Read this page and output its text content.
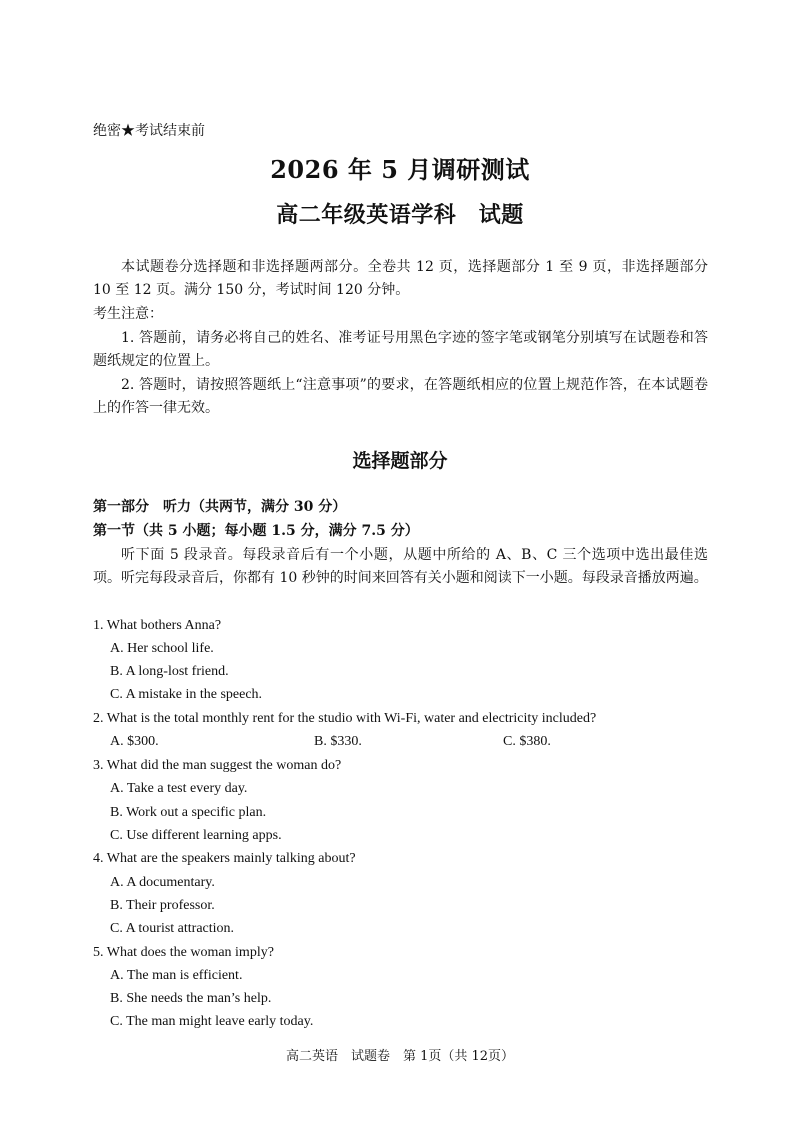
绝密★考试结束前
2026 年 5 月调研测试
高二年级英语学科　试题
本试题卷分选择题和非选择题两部分。全卷共 12 页，选择题部分 1 至 9 页，非选择题部分 10 至 12 页。满分 150 分，考试时间 120 分钟。
考生注意：
1. 答题前，请务必将自己的姓名、准考证号用黑色字迹的签字笔或钢笔分别填写在试题卷和答题纸规定的位置上。
2. 答题时，请按照答题纸上“注意事项”的要求，在答题纸相应的位置上规范作答，在本试题卷上的作答一律无效。
选择题部分
第一部分　听力（共两节，满分 30 分）
第一节（共 5 小题；每小题 1.5 分，满分 7.5 分）
听下面 5 段录音。每段录音后有一个小题，从题中所给的 A、B、C 三个选项中选出最佳选项。听完每段录音后，你都有 10 秒钟的时间来回答有关小题和阅读下一小题。每段录音播放两遍。
1. What bothers Anna?
A. Her school life.
B. A long-lost friend.
C. A mistake in the speech.
2. What is the total monthly rent for the studio with Wi-Fi, water and electricity included?
A. $300.	B. $330.	C. $380.
3. What did the man suggest the woman do?
A. Take a test every day.
B. Work out a specific plan.
C. Use different learning apps.
4. What are the speakers mainly talking about?
A. A documentary.
B. Their professor.
C. A tourist attraction.
5. What does the woman imply?
A. The man is efficient.
B. She needs the man’s help.
C. The man might leave early today.
高二英语　试题卷　第 1页（共 12页）
